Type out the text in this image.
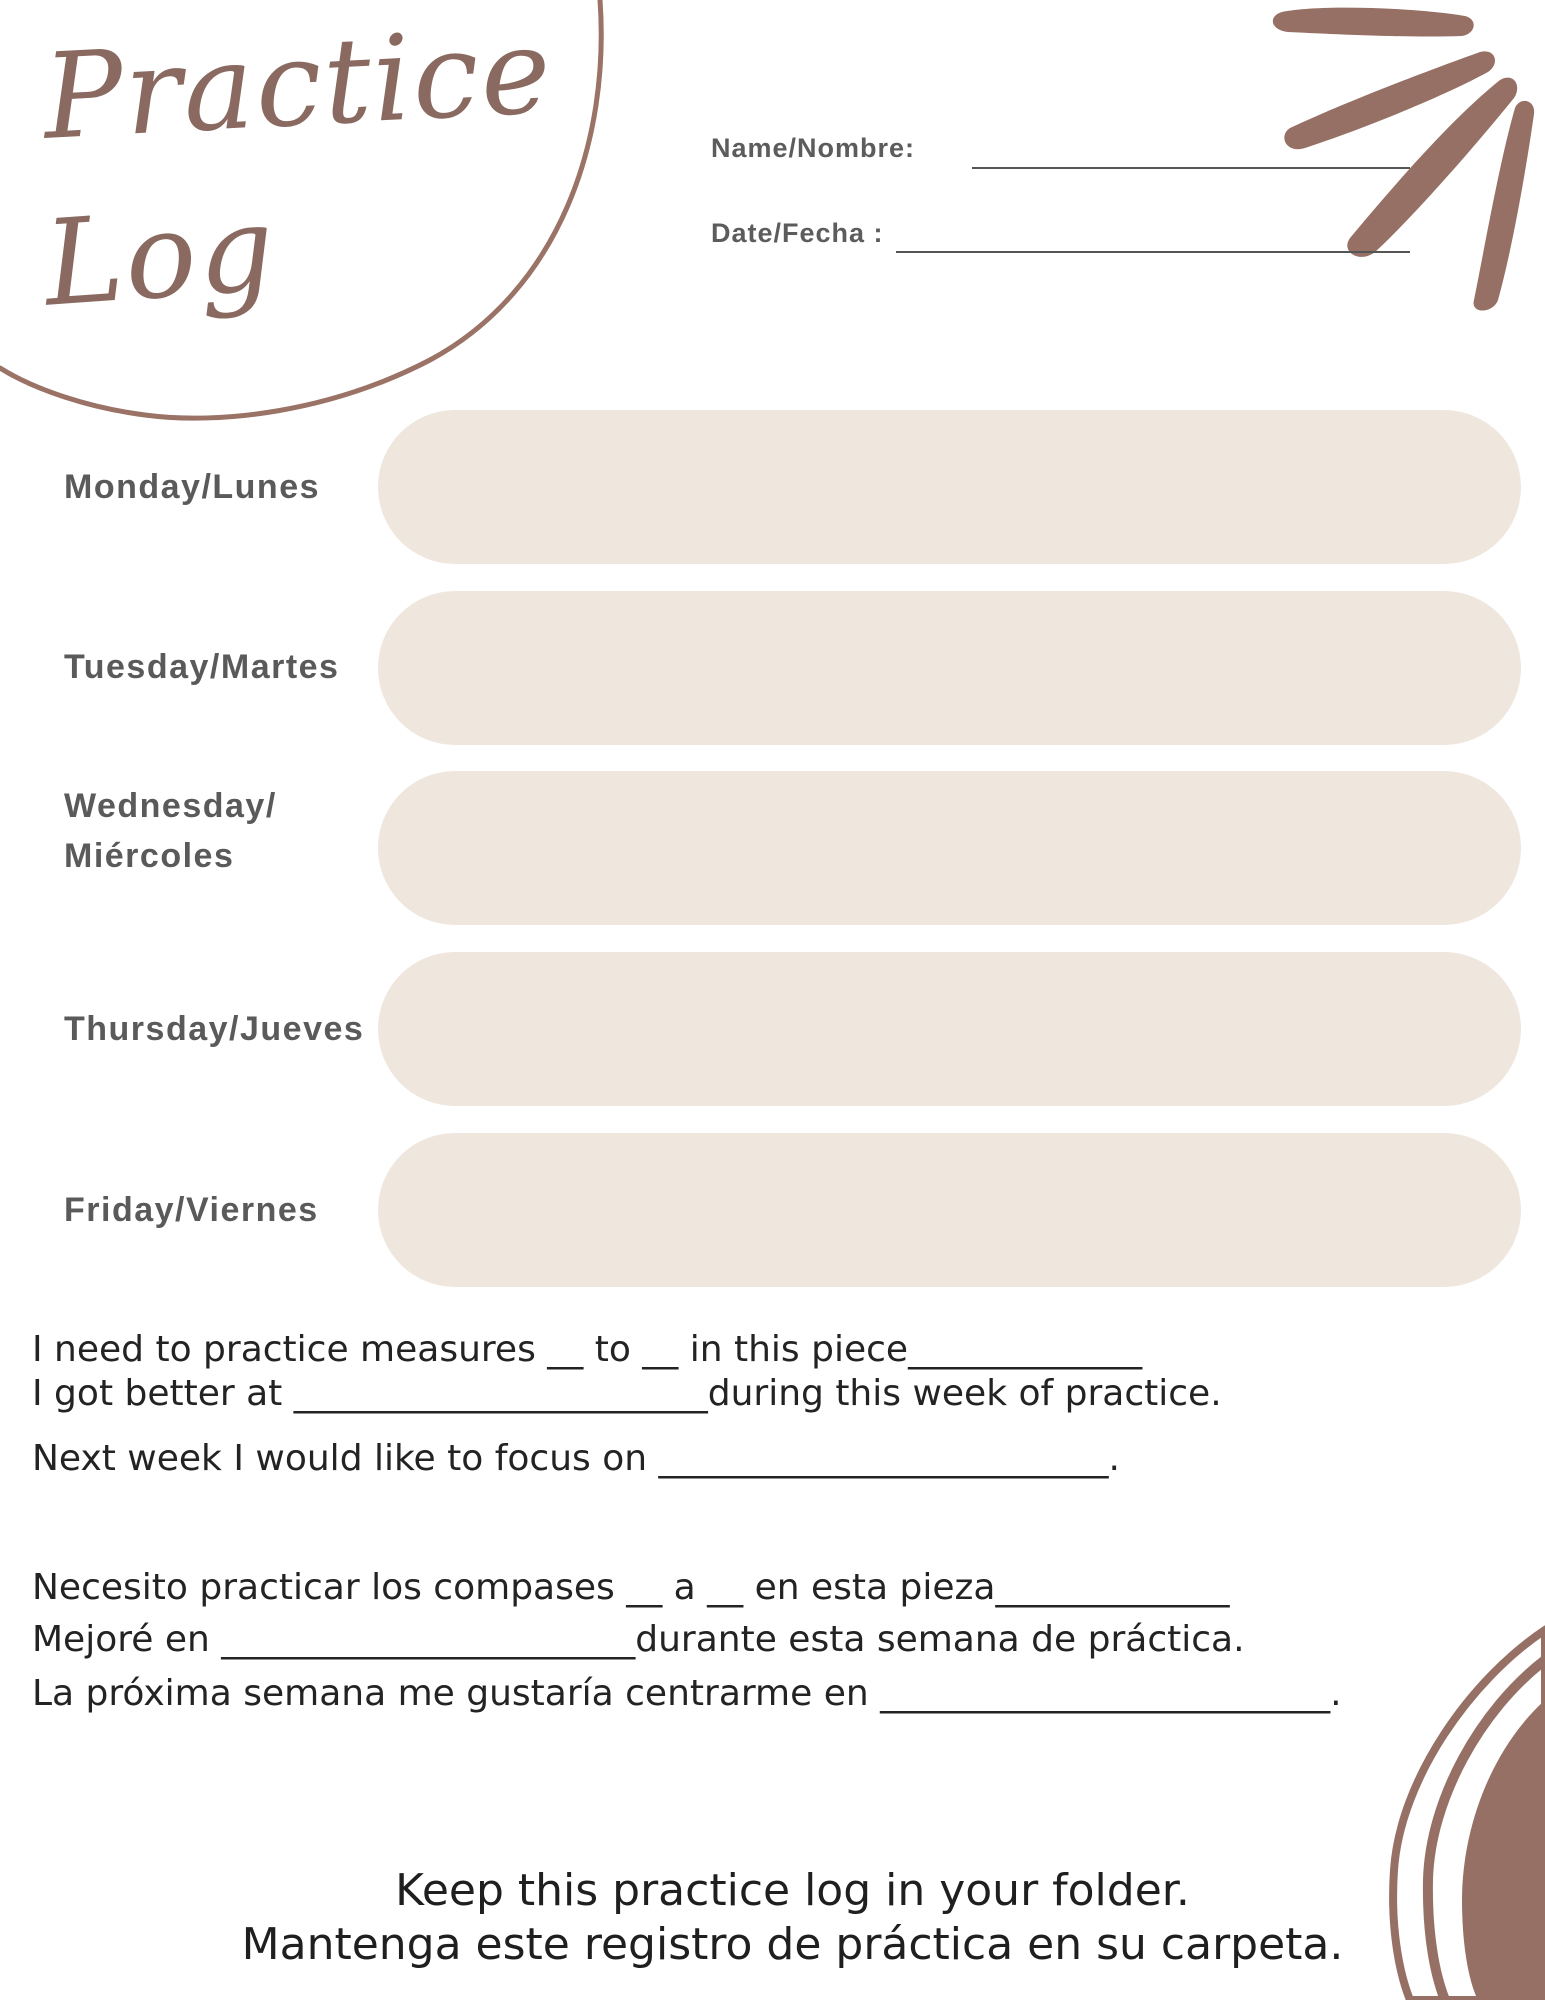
Practice
Log
Name/Nombre:
Date/Fecha :
Monday/Lunes
Tuesday/Martes
Wednesday/
Miércoles
Thursday/Jueves
Friday/Viernes
I need to practice measures __ to __ in this piece_____________
I got better at _______________________during this week of practice.
Next week I would like to focus on _________________________.
Necesito practicar los compases __ a __ en esta pieza_____________
Mejoré en _______________________durante esta semana de práctica.
La próxima semana me gustaría centrarme en _________________________.
Keep this practice log in your folder.
Mantenga este registro de práctica en su carpeta.
